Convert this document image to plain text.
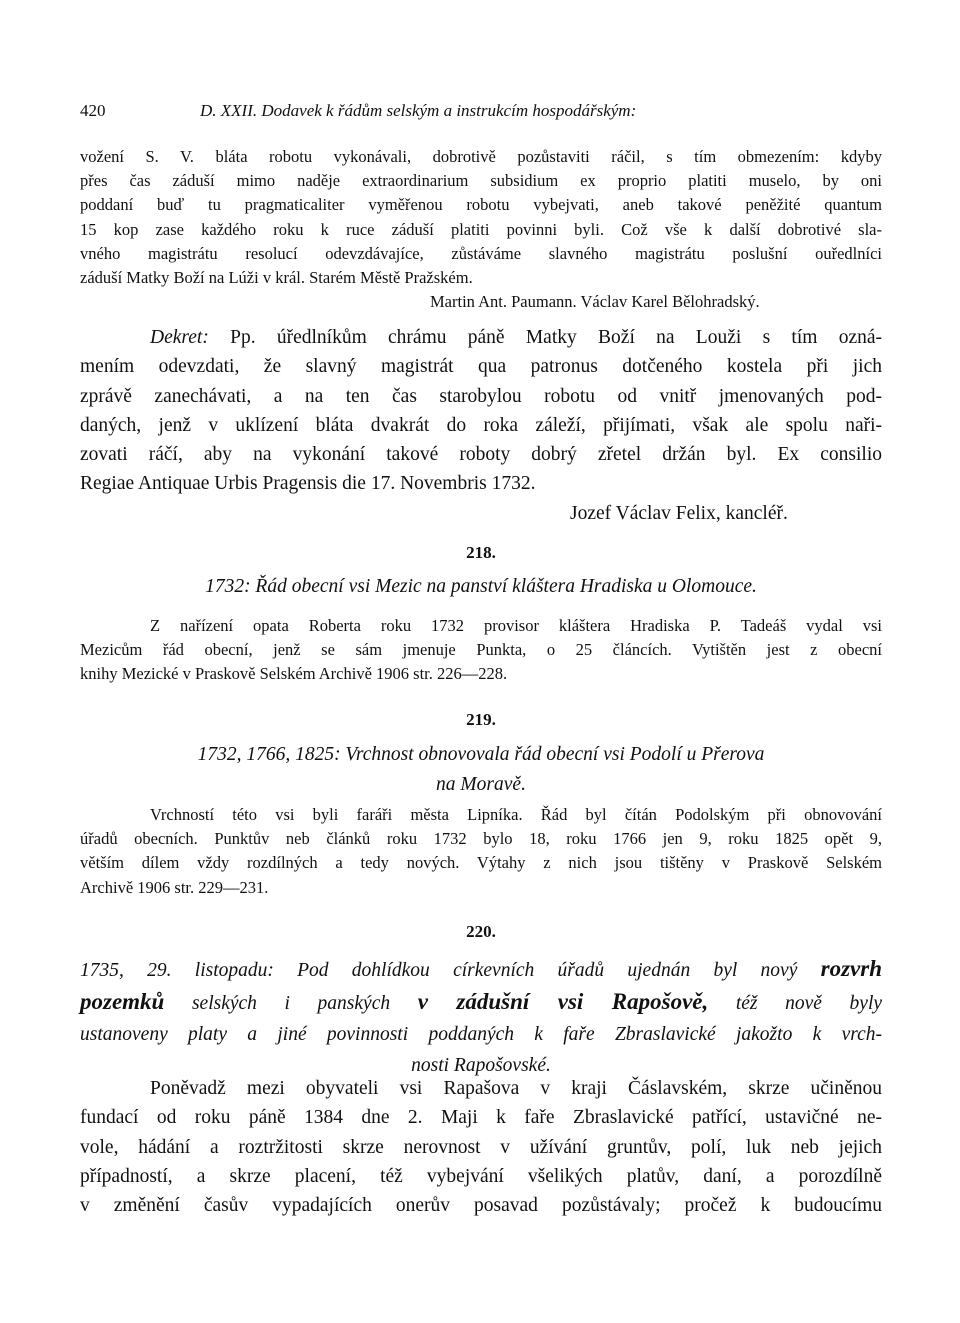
420	D. XXII. Dodavek k řádům selským a instrukcím hospodářským:
vožení S. V. bláta robotu vykonávali, dobrotivě pozůstaviti ráčil, s tím obmezením: kdyby
přes čas záduší mimo naděje extraordinarium subsidium ex proprio platiti muselo, by oni
poddaní buď tu pragmaticaliter vyměřenou robotu vybejvati, aneb takové peněžité quantum
15 kop zase každého roku k ruce záduší platiti povinni byli. Což vše k další dobrotivé sla-
vného magistrátu resolucí odevzdávajíce, zůstáváme slavného magistrátu poslušní ouředlníci
záduší Matky Boží na Lúži v král. Starém Městě Pražském.
Martin Ant. Paumann. Václav Karel Bělohradský.
Dekret: Pp. úředlníkům chrámu páně Matky Boží na Louži s tím ozná-
mením odevzdati, že slavný magistrát qua patronus dotčeného kostela při jich
zprávě zanechávati, a na ten čas starobylou robotu od vnitř jmenovaných pod-
daných, jenž v uklízení bláta dvakrát do roka záleží, přijímati, však ale spolu naři-
zovati ráčí, aby na vykonání takové roboty dobrý zřetel držán byl. Ex consilio
Regiae Antiquae Urbis Pragensis die 17. Novembris 1732.
Jozef Václav Felix, kancléř.
218.
1732: Řád obecní vsi Mezic na panství kláštera Hradiska u Olomouce.
Z nařízení opata Roberta roku 1732 provisor kláštera Hradiska P. Tadeáš vydal vsi
Mezicům řád obecní, jenž se sám jmenuje Punkta, o 25 článcích. Vytištěn jest z obecní
knihy Mezické v Praskově Selském Archivě 1906 str. 226—228.
219.
1732, 1766, 1825: Vrchnost obnovovala řád obecní vsi Podolí u Přerova
na Moravě.
Vrchností této vsi byli faráři města Lipníka. Řád byl čítán Podolským při obnovování
úřadů obecních. Punktův neb článků roku 1732 bylo 18, roku 1766 jen 9, roku 1825 opět 9,
větším dílem vždy rozdílných a tedy nových. Výtahy z nich jsou tištěny v Praskově Selském
Archivě 1906 str. 229—231.
220.
1735, 29. listopadu: Pod dohlídkou církevních úřadů ujednán byl nový rozvrh
pozemků selských i panských v zádušní vsi Rapošově, též nově byly
ustanoveny platy a jiné povinnosti poddaných k faře Zbraslavické jakožto k vrch-
nosti Rapošovské.
Poněvadž mezi obyvateli vsi Rapašova v kraji Čáslavském, skrze učiněnou
fundací od roku páně 1384 dne 2. Maji k faře Zbraslavické patřící, ustavičné ne-
vole, hádání a roztržitosti skrze nerovnost v užívání gruntův, polí, luk neb jejich
případností, a skrze placení, též vybejvání všelikých platův, daní, a porozdílně
v změnění časův vypadajících onerův posavad pozůstávaly; pročež k budoucímu
